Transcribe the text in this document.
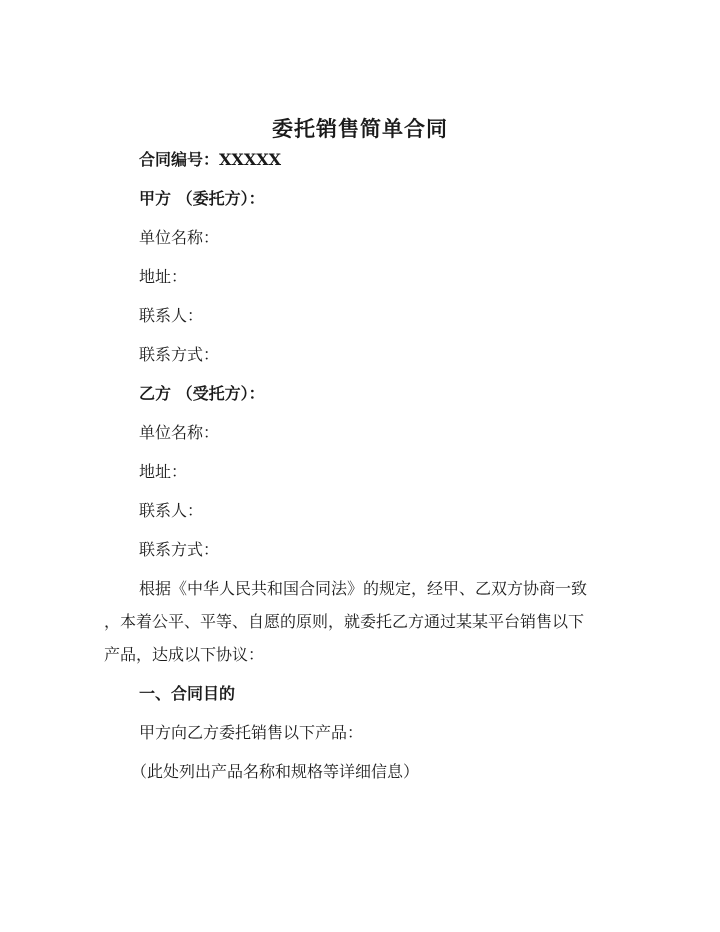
委托销售简单合同
合同编号：XXXXX
甲方 （委托方）：
单位名称：
地址：
联系人：
联系方式：
乙方 （受托方）：
单位名称：
地址：
联系人：
联系方式：
根据《中华人民共和国合同法》的规定，经甲、乙双方协商一致
，本着公平、平等、自愿的原则，就委托乙方通过某某平台销售以下
产品，达成以下协议：
一、合同目的
甲方向乙方委托销售以下产品：
（此处列出产品名称和规格等详细信息）
